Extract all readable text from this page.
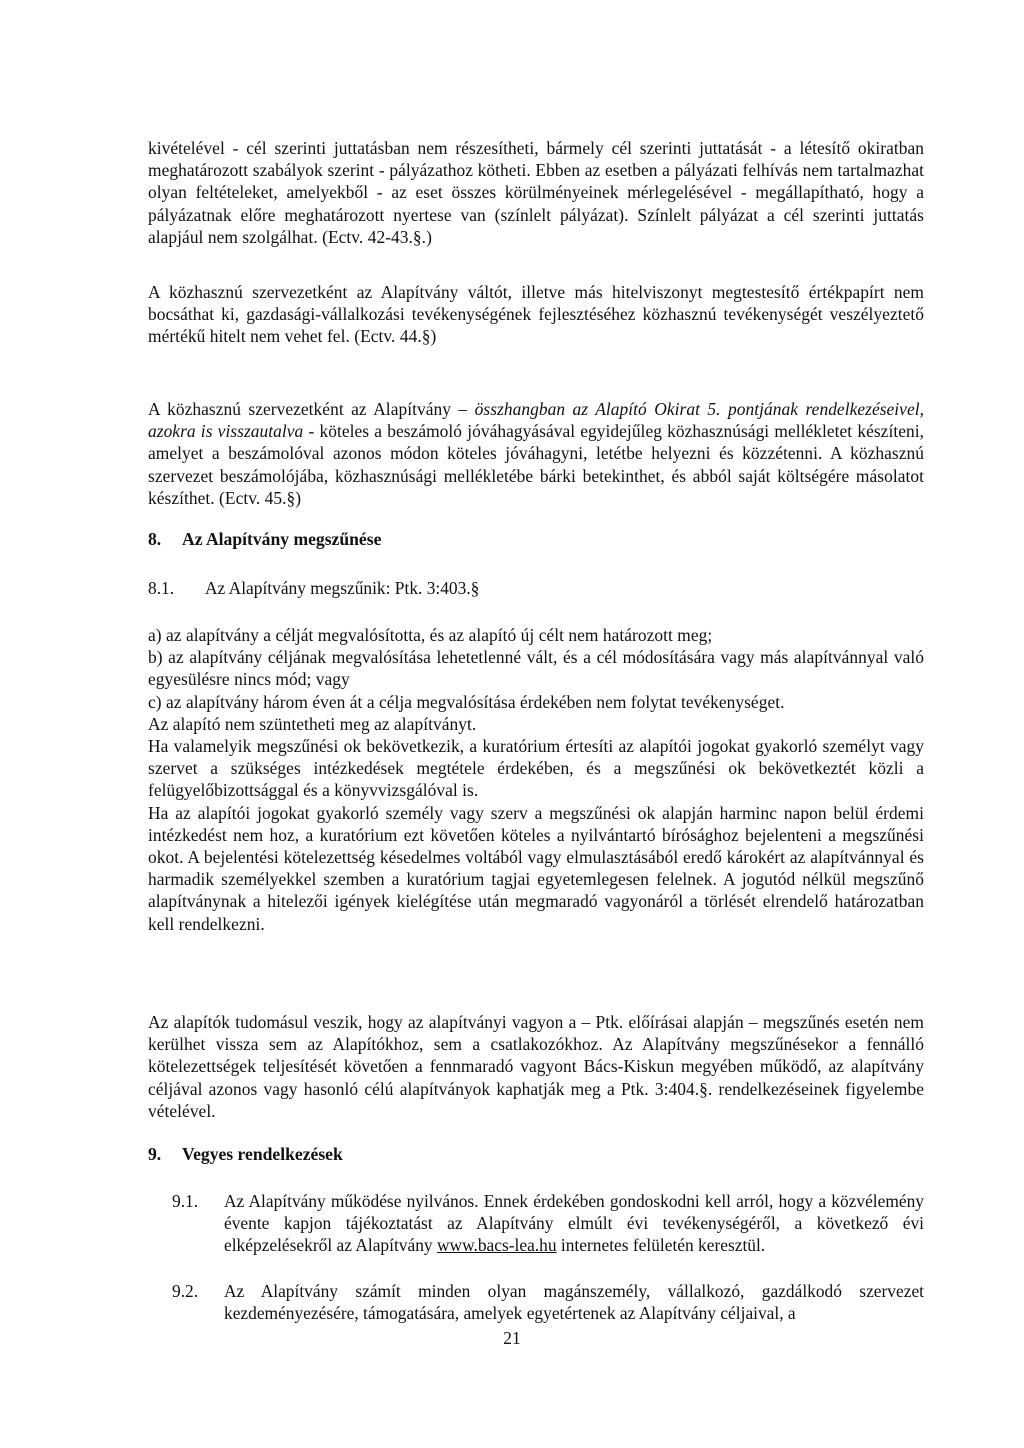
kivételével - cél szerinti juttatásban nem részesítheti, bármely cél szerinti juttatását - a létesítő okiratban meghatározott szabályok szerint - pályázathoz kötheti. Ebben az esetben a pályázati felhívás nem tartalmazhat olyan feltételeket, amelyekből - az eset összes körülményeinek mérlegelésével - megállapítható, hogy a pályázatnak előre meghatározott nyertese van (színlelt pályázat). Színlelt pályázat a cél szerinti juttatás alapjául nem szolgálhat. (Ectv. 42-43.§.)
A közhasznú szervezetként az Alapítvány váltót, illetve más hitelviszonyt megtestesítő értékpapírt nem bocsáthat ki, gazdasági-vállalkozási tevékenységének fejlesztéséhez közhasznú tevékenységét veszélyeztető mértékű hitelt nem vehet fel. (Ectv. 44.§)
A közhasznú szervezetként az Alapítvány – összhangban az Alapító Okirat 5. pontjának rendelkezéseivel, azokra is visszautalva - köteles a beszámoló jóváhagyásával egyidejűleg közhasznúsági mellékletet készíteni, amelyet a beszámolóval azonos módon köteles jóváhagyni, letétbe helyezni és közzétenni. A közhasznú szervezet beszámolójába, közhasznúsági mellékletébe bárki betekinthet, és abból saját költségére másolatot készíthet. (Ectv. 45.§)
8. Az Alapítvány megszűnése
8.1. Az Alapítvány megszűnik: Ptk. 3:403.§
a) az alapítvány a célját megvalósította, és az alapító új célt nem határozott meg;
b) az alapítvány céljának megvalósítása lehetetlenné vált, és a cél módosítására vagy más alapítvánnyal való egyesülésre nincs mód; vagy
c) az alapítvány három éven át a célja megvalósítása érdekében nem folytat tevékenységet.
Az alapító nem szüntetheti meg az alapítványt.
Ha valamelyik megszűnési ok bekövetkezik, a kuratórium értesíti az alapítói jogokat gyakorló személyt vagy szervet a szükséges intézkedések megtétele érdekében, és a megszűnési ok bekövetkeztét közli a felügyelőbizottsággal és a könyvvizsgálóval is.
Ha az alapítói jogokat gyakorló személy vagy szerv a megszűnési ok alapján harminc napon belül érdemi intézkedést nem hoz, a kuratórium ezt követően köteles a nyilvántartó bírósághoz bejelenteni a megszűnési okot. A bejelentési kötelezettség késedelmes voltából vagy elmulasztásából eredő károkért az alapítvánnyal és harmadik személyekkel szemben a kuratórium tagjai egyetemlegesen felelnek. A jogutód nélkül megszűnő alapítványnak a hitelezői igények kielégítése után megmaradó vagyonáról a törlését elrendelő határozatban kell rendelkezni.
Az alapítók tudomásul veszik, hogy az alapítványi vagyon a – Ptk. előírásai alapján – megszűnés esetén nem kerülhet vissza sem az Alapítókhoz, sem a csatlakozókhoz. Az Alapítvány megszűnésekor a fennálló kötelezettségek teljesítését követően a fennmaradó vagyont Bács-Kiskun megyében működő, az alapítvány céljával azonos vagy hasonló célú alapítványok kaphatják meg a Ptk. 3:404.§. rendelkezéseinek figyelembe vételével.
9. Vegyes rendelkezések
9.1. Az Alapítvány működése nyilvános. Ennek érdekében gondoskodni kell arról, hogy a közvélemény évente kapjon tájékoztatást az Alapítvány elmúlt évi tevékenységéről, a következő évi elképzelésekről az Alapítvány www.bacs-lea.hu internetes felületén keresztül.
9.2. Az Alapítvány számít minden olyan magánszemély, vállalkozó, gazdálkodó szervezet kezdeményezésére, támogatására, amelyek egyetértenek az Alapítvány céljaival, a
21
